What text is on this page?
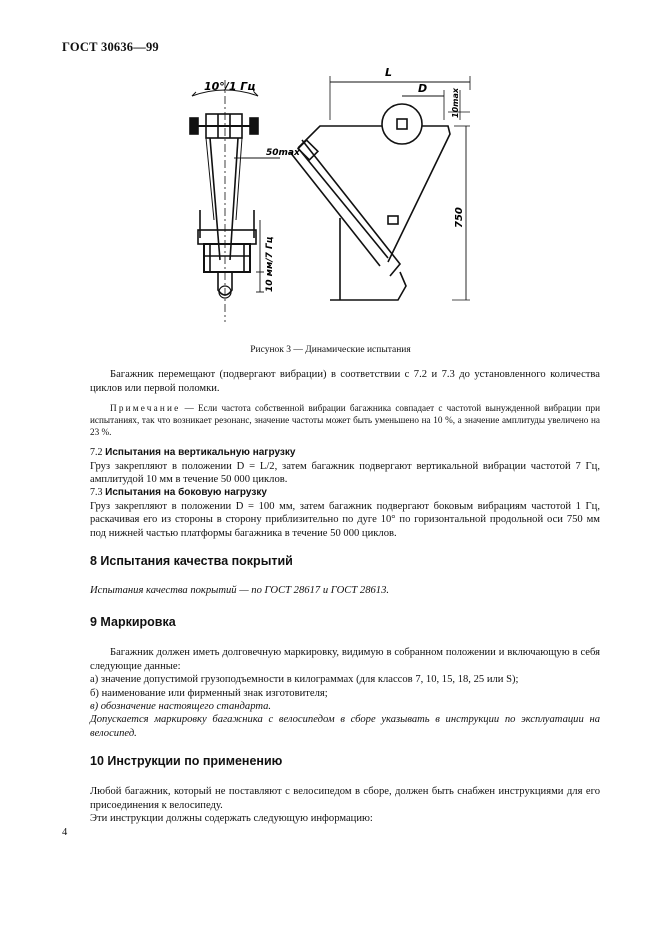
ГОСТ 30636—99
10°/1 Гц
50max
10 мм/7 Гц
L
D	10max
750
Рисунок 3 — Динамические испытания
Багажник перемещают (подвергают вибрации) в соответствии с 7.2 и 7.3 до установленного количества циклов или первой поломки.
Примечание — Если частота собственной вибрации багажника совпадает с частотой вынужденной вибрации при испытаниях, так что возникает резонанс, значение частоты может быть уменьшено на 10 %, а значение амплитуды увеличено на 23 %.
7.2 Испытания на вертикальную нагрузку
Груз закрепляют в положении D = L/2, затем багажник подвергают вертикальной вибрации частотой 7 Гц, амплитудой 10 мм в течение 50 000 циклов.
7.3 Испытания на боковую нагрузку
Груз закрепляют в положении D = 100 мм, затем багажник подвергают боковым вибрациям частотой 1 Гц, раскачивая его из стороны в сторону приблизительно по дуге 10° по горизонтальной продольной оси 750 мм под нижней частью платформы багажника в течение 50 000 циклов.
8 Испытания качества покрытий
Испытания качества покрытий — по ГОСТ 28617 и ГОСТ 28613.
9 Маркировка
Багажник должен иметь долговечную маркировку, видимую в собранном положении и включающую в себя следующие данные:
а) значение допустимой грузоподъемности в килограммах (для классов 7, 10, 15, 18, 25 или S);
б) наименование или фирменный знак изготовителя;
в) обозначение настоящего стандарта.
Допускается маркировку багажника с велосипедом в сборе указывать в инструкции по эксплуатации на велосипед.
10 Инструкции по применению
Любой багажник, который не поставляют с велосипедом в сборе, должен быть снабжен инструкциями для его присоединения к велосипеду.
Эти инструкции должны содержать следующую информацию:
4
